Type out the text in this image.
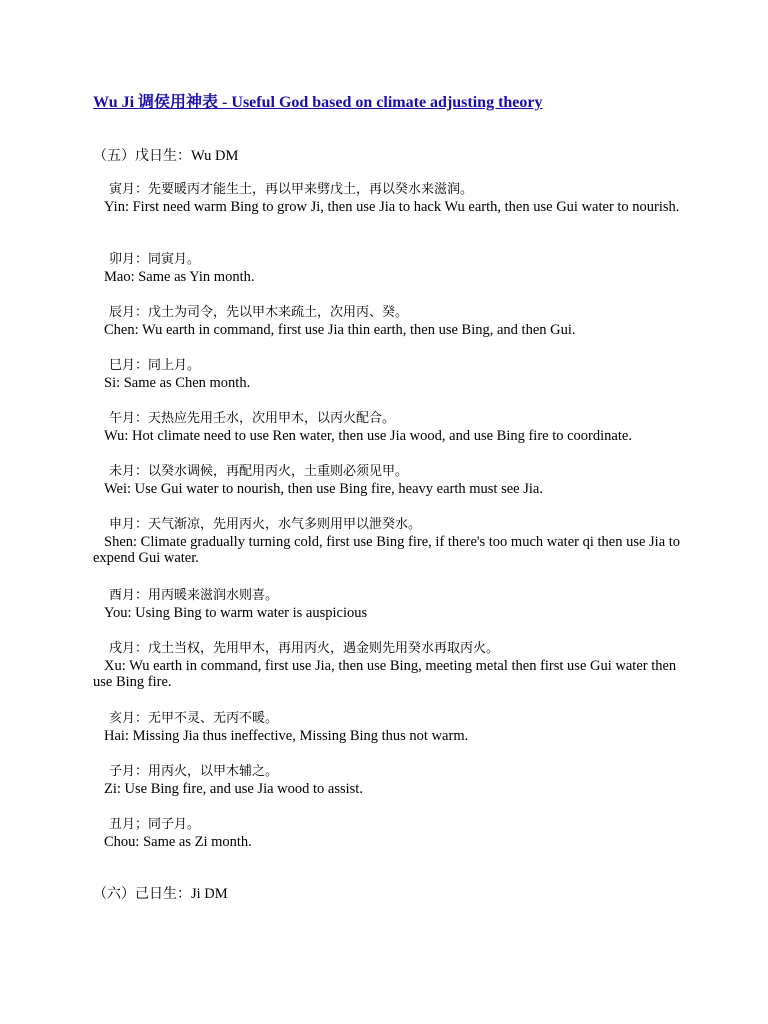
Wu Ji 调侯用神表 - Useful God based on climate adjusting theory
（五）戊日生：Wu DM
寅月：先要暖丙才能生土，再以甲来劈戊土，再以癸水来滋润。
Yin: First need warm Bing to grow Ji, then use Jia to hack Wu earth, then use Gui water to nourish.
卯月：同寅月。
Mao: Same as Yin month.
辰月：戊土为司令，先以甲木来疏土，次用丙、癸。
Chen: Wu earth in command, first use Jia thin earth, then use Bing, and then Gui.
巳月：同上月。
Si: Same as Chen month.
午月：天热应先用壬水，次用甲木，以丙火配合。
Wu: Hot climate need to use Ren water, then use Jia wood, and use Bing fire to coordinate.
未月：以癸水调候，再配用丙火，土重则必须见甲。
Wei: Use Gui water to nourish, then use Bing fire, heavy earth must see Jia.
申月：天气渐凉，先用丙火，水气多则用甲以泄癸水。
Shen: Climate gradually turning cold, first use Bing fire, if there's too much water qi then use Jia to expend Gui water.
酉月：用丙暖来滋润水则喜。
You: Using Bing to warm water is auspicious
戌月：戊土当权，先用甲木，再用丙火，遇金则先用癸水再取丙火。
Xu: Wu earth in command, first use Jia, then use Bing, meeting metal then first use Gui water then use Bing fire.
亥月：无甲不灵、无丙不暖。
Hai: Missing Jia thus ineffective, Missing Bing thus not warm.
子月：用丙火，以甲木辅之。
Zi: Use Bing fire, and use Jia wood to assist.
丑月；同子月。
Chou: Same as Zi month.
（六）己日生：Ji DM
